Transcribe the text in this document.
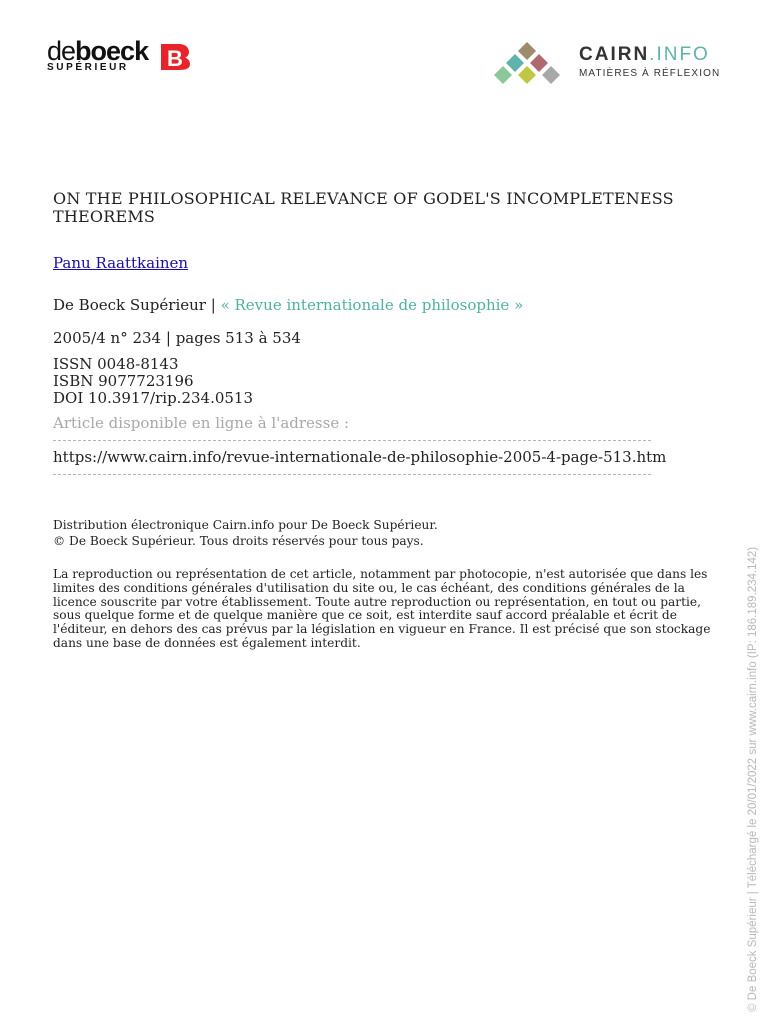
deboeck
SUPÉRIEUR B	CAIRN.INFO
MATIÈRES À RÉFLEXION
ON THE PHILOSOPHICAL RELEVANCE OF GODEL'S INCOMPLETENESS THEOREMS
Panu Raattkainen
De Boeck Supérieur | « Revue internationale de philosophie »
2005/4 n° 234 | pages 513 à 534
ISSN 0048-8143
ISBN 9077723196
DOI 10.3917/rip.234.0513
Article disponible en ligne à l'adresse :
https://www.cairn.info/revue-internationale-de-philosophie-2005-4-page-513.htm
Distribution électronique Cairn.info pour De Boeck Supérieur.
© De Boeck Supérieur. Tous droits réservés pour tous pays.
La reproduction ou représentation de cet article, notamment par photocopie, n'est autorisée que dans les limites des conditions générales d'utilisation du site ou, le cas échéant, des conditions générales de la licence souscrite par votre établissement. Toute autre reproduction ou représentation, en tout ou partie, sous quelque forme et de quelque manière que ce soit, est interdite sauf accord préalable et écrit de l'éditeur, en dehors des cas prévus par la législation en vigueur en France. Il est précisé que son stockage dans une base de données est également interdit.	© De Boeck Supérieur | Téléchargé le 20/01/2022 sur www.cairn.info (IP: 186.189.234.142)
